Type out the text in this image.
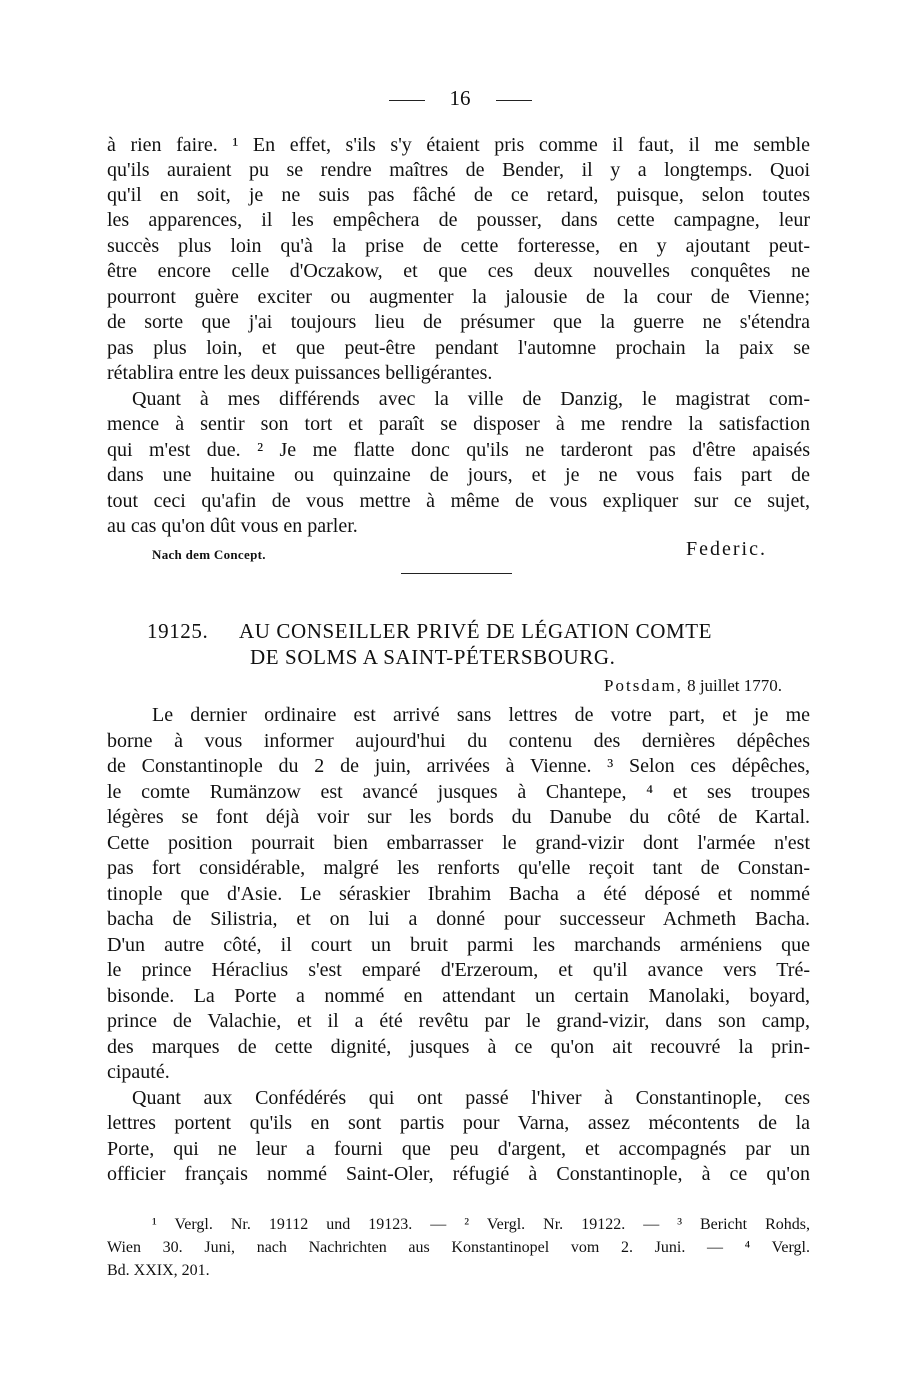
16
à rien faire. ¹ En effet, s'ils s'y étaient pris comme il faut, il me semble
qu'ils auraient pu se rendre maîtres de Bender, il y a longtemps. Quoi
qu'il en soit, je ne suis pas fâché de ce retard, puisque, selon toutes
les apparences, il les empêchera de pousser, dans cette campagne, leur
succès plus loin qu'à la prise de cette forteresse, en y ajoutant peut-
être encore celle d'Oczakow, et que ces deux nouvelles conquêtes ne
pourront guère exciter ou augmenter la jalousie de la cour de Vienne;
de sorte que j'ai toujours lieu de présumer que la guerre ne s'étendra
pas plus loin, et que peut-être pendant l'automne prochain la paix se
rétablira entre les deux puissances belligérantes.
Quant à mes différends avec la ville de Danzig, le magistrat com-
mence à sentir son tort et paraît se disposer à me rendre la satisfaction
qui m'est due. ² Je me flatte donc qu'ils ne tarderont pas d'être apaisés
dans une huitaine ou quinzaine de jours, et je ne vous fais part de
tout ceci qu'afin de vous mettre à même de vous expliquer sur ce sujet,
au cas qu'on dût vous en parler.
Nach dem Concept.	Federic.
19125. AU CONSEILLER PRIVÉ DE LÉGATION COMTE
DE SOLMS A SAINT-PÉTERSBOURG.
Potsdam, 8 juillet 1770.
Le dernier ordinaire est arrivé sans lettres de votre part, et je me
borne à vous informer aujourd'hui du contenu des dernières dépêches
de Constantinople du 2 de juin, arrivées à Vienne. ³ Selon ces dépêches,
le comte Rumänzow est avancé jusques à Chantepe, ⁴ et ses troupes
légères se font déjà voir sur les bords du Danube du côté de Kartal.
Cette position pourrait bien embarrasser le grand-vizir dont l'armée n'est
pas fort considérable, malgré les renforts qu'elle reçoit tant de Constan-
tinople que d'Asie. Le séraskier Ibrahim Bacha a été déposé et nommé
bacha de Silistria, et on lui a donné pour successeur Achmeth Bacha.
D'un autre côté, il court un bruit parmi les marchands arméniens que
le prince Héraclius s'est emparé d'Erzeroum, et qu'il avance vers Tré-
bisonde. La Porte a nommé en attendant un certain Manolaki, boyard,
prince de Valachie, et il a été revêtu par le grand-vizir, dans son camp,
des marques de cette dignité, jusques à ce qu'on ait recouvré la prin-
cipauté.
Quant aux Confédérés qui ont passé l'hiver à Constantinople, ces
lettres portent qu'ils en sont partis pour Varna, assez mécontents de la
Porte, qui ne leur a fourni que peu d'argent, et accompagnés par un
officier français nommé Saint-Oler, réfugié à Constantinople, à ce qu'on
¹ Vergl. Nr. 19112 und 19123. — ² Vergl. Nr. 19122. — ³ Bericht Rohds,
Wien 30. Juni, nach Nachrichten aus Konstantinopel vom 2. Juni. — ⁴ Vergl.
Bd. XXIX, 201.
